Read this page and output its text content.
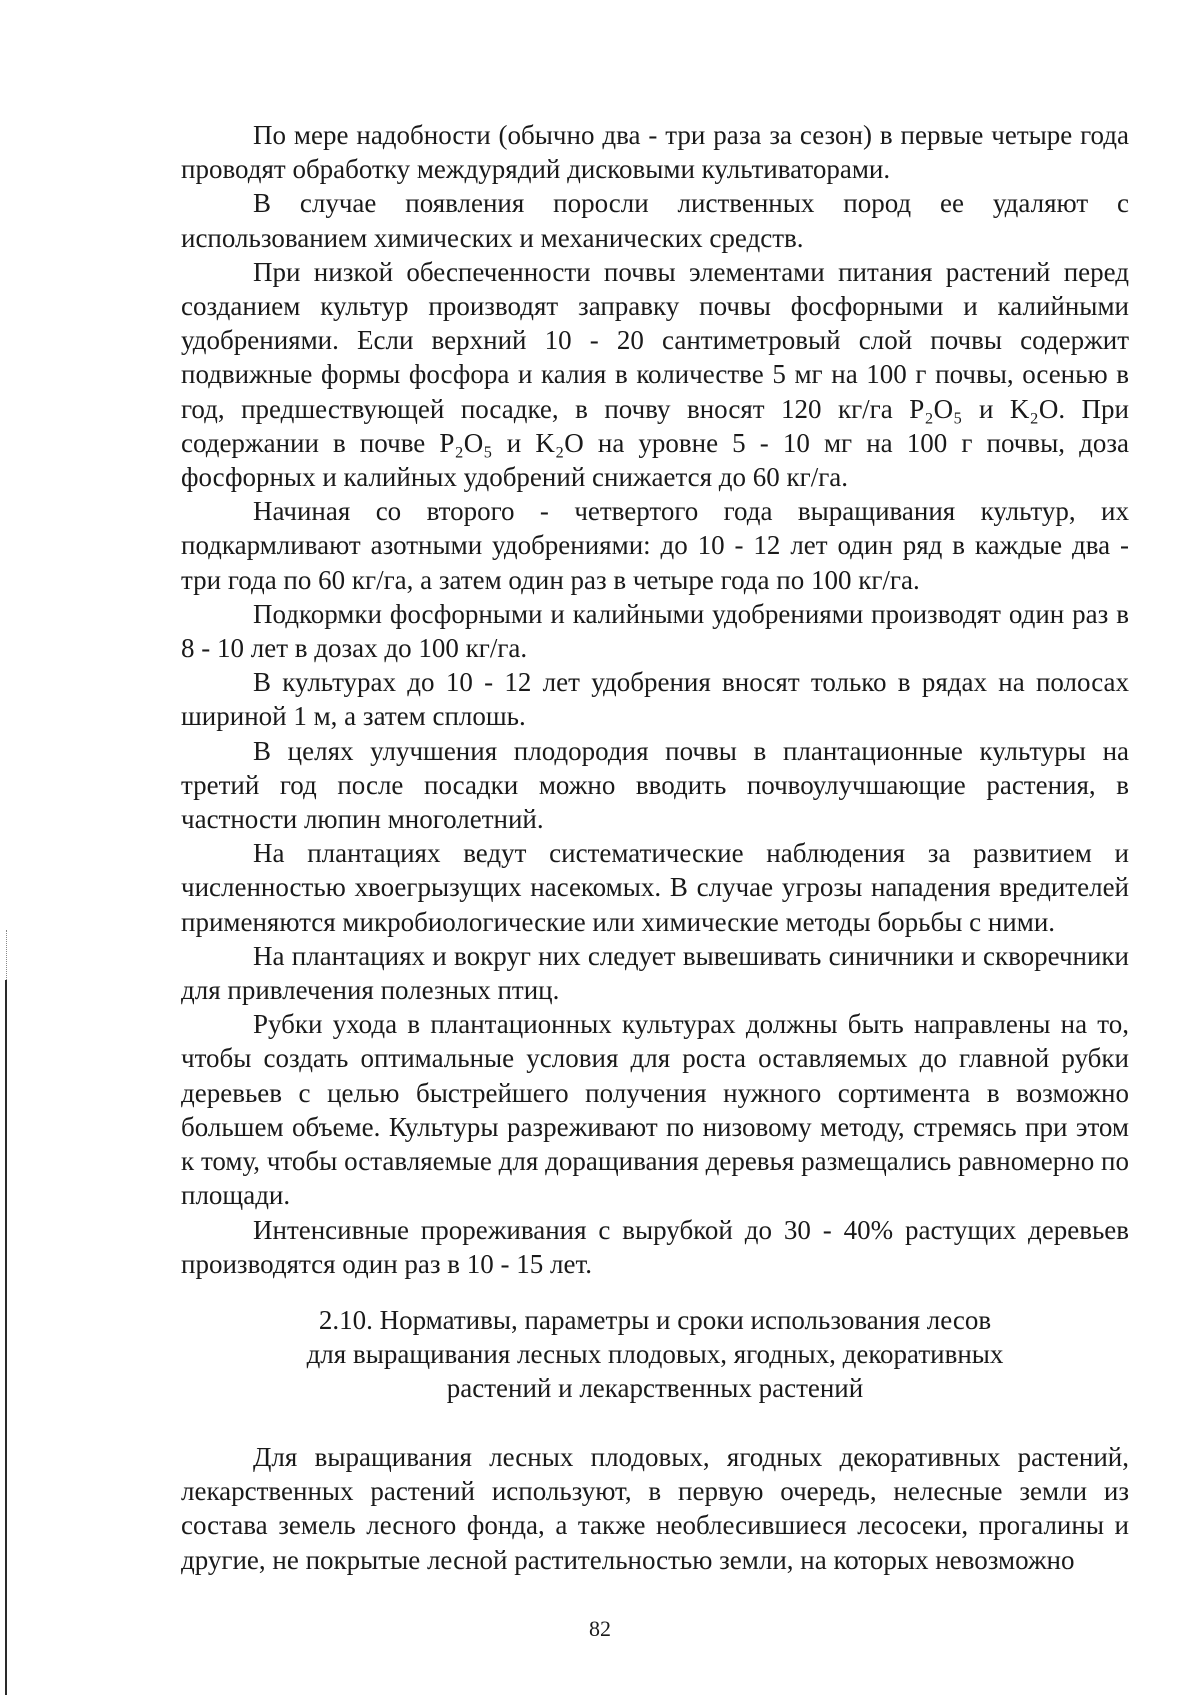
По мере надобности (обычно два - три раза за сезон) в первые четыре года проводят обработку междурядий дисковыми культиваторами.

В случае появления поросли лиственных пород ее удаляют с использованием химических и механических средств.

При низкой обеспеченности почвы элементами питания растений перед созданием культур производят заправку почвы фосфорными и калийными удобрениями. Если верхний 10 - 20 сантиметровый слой почвы содержит подвижные формы фосфора и калия в количестве 5 мг на 100 г почвы, осенью в год, предшествующей посадке, в почву вносят 120 кг/га P₂O₅ и K₂O. При содержании в почве P₂O₅ и K₂O на уровне 5 - 10 мг на 100 г почвы, доза фосфорных и калийных удобрений снижается до 60 кг/га.

Начиная со второго - четвертого года выращивания культур, их подкармливают азотными удобрениями: до 10 - 12 лет один ряд в каждые два - три года по 60 кг/га, а затем один раз в четыре года по 100 кг/га.

Подкормки фосфорными и калийными удобрениями производят один раз в 8 - 10 лет в дозах до 100 кг/га.

В культурах до 10 - 12 лет удобрения вносят только в рядах на полосах шириной 1 м, а затем сплошь.

В целях улучшения плодородия почвы в плантационные культуры на третий год после посадки можно вводить почвоулучшающие растения, в частности люпин многолетний.

На плантациях ведут систематические наблюдения за развитием и численностью хвоегрызущих насекомых. В случае угрозы нападения вредителей применяются микробиологические или химические методы борьбы с ними.

На плантациях и вокруг них следует вывешивать синичники и скворечники для привлечения полезных птиц.

Рубки ухода в плантационных культурах должны быть направлены на то, чтобы создать оптимальные условия для роста оставляемых до главной рубки деревьев с целью быстрейшего получения нужного сортимента в возможно большем объеме. Культуры разреживают по низовому методу, стремясь при этом к тому, чтобы оставляемые для доращивания деревья размещались равномерно по площади.

Интенсивные прореживания с вырубкой до 30 - 40% растущих деревьев производятся один раз в 10 - 15 лет.

2.10. Нормативы, параметры и сроки использования лесов
для выращивания лесных плодовых, ягодных, декоративных
растений и лекарственных растений

Для выращивания лесных плодовых, ягодных декоративных растений, лекарственных растений используют, в первую очередь, нелесные земли из состава земель лесного фонда, а также необлесившиеся лесосеки, прогалины и другие, не покрытые лесной растительностью земли, на которых невозможно

82
